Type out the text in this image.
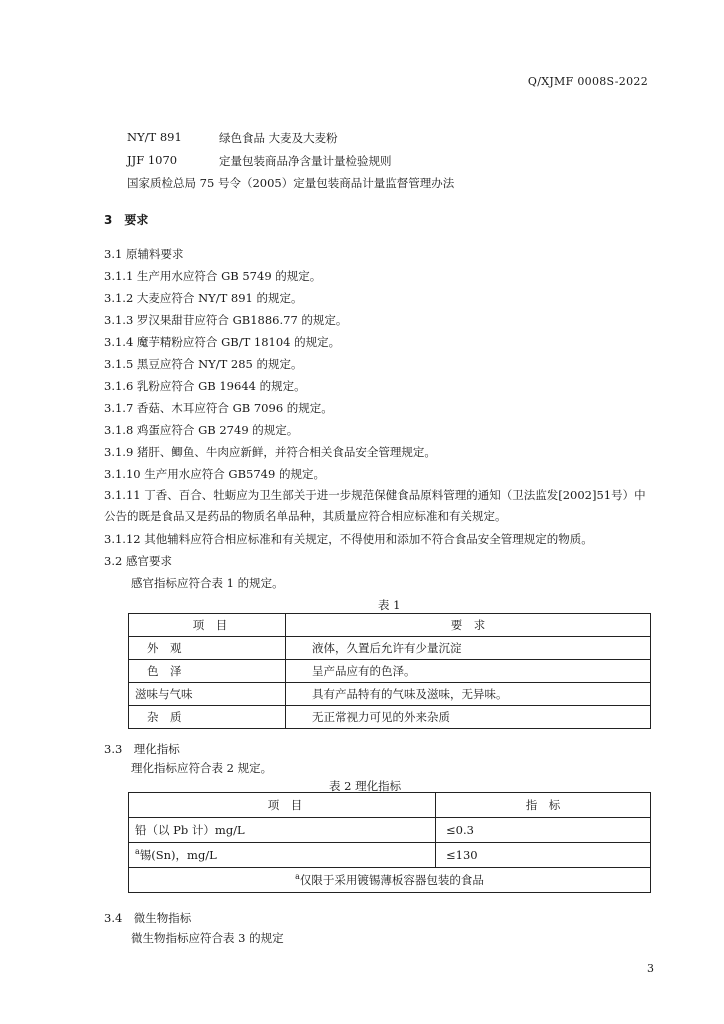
Q/XJMF 0008S-2022
NY/T 891	绿色食品 大麦及大麦粉
JJF 1070	定量包装商品净含量计量检验规则
国家质检总局 75 号令（2005）定量包装商品计量监督管理办法
3　要求
3.1 原辅料要求
3.1.1 生产用水应符合 GB 5749 的规定。
3.1.2 大麦应符合 NY/T 891 的规定。
3.1.3 罗汉果甜苷应符合 GB1886.77 的规定。
3.1.4 魔芋精粉应符合 GB/T 18104 的规定。
3.1.5 黑豆应符合 NY/T 285 的规定。
3.1.6 乳粉应符合 GB 19644 的规定。
3.1.7 香菇、木耳应符合 GB 7096 的规定。
3.1.8 鸡蛋应符合 GB 2749 的规定。
3.1.9 猪肝、鲫鱼、牛肉应新鲜，并符合相关食品安全管理规定。
3.1.10 生产用水应符合 GB5749 的规定。
3.1.11 丁香、百合、牡蛎应为卫生部关于进一步规范保健食品原料管理的通知（卫法监发[2002]51号）中公告的既是食品又是药品的物质名单品种，其质量应符合相应标准和有关规定。
3.1.12 其他辅料应符合相应标准和有关规定，不得使用和添加不符合食品安全管理规定的物质。
3.2 感官要求
感官指标应符合表 1 的规定。
表 1
项　目	要　求
外　观	液体，久置后允许有少量沉淀
色　泽	呈产品应有的色泽。
滋味与气味	具有产品特有的气味及滋味，无异味。
杂　质	无正常视力可见的外来杂质
3.3　理化指标
理化指标应符合表 2 规定。
表 2 理化指标
项　目	指　标
铅（以 Pb 计）mg/L	≤0.3
$^a$锡(Sn)，mg/L	≤130
$^a$仅限于采用镀锡薄板容器包装的食品	
3.4　微生物指标
微生物指标应符合表 3 的规定
3
